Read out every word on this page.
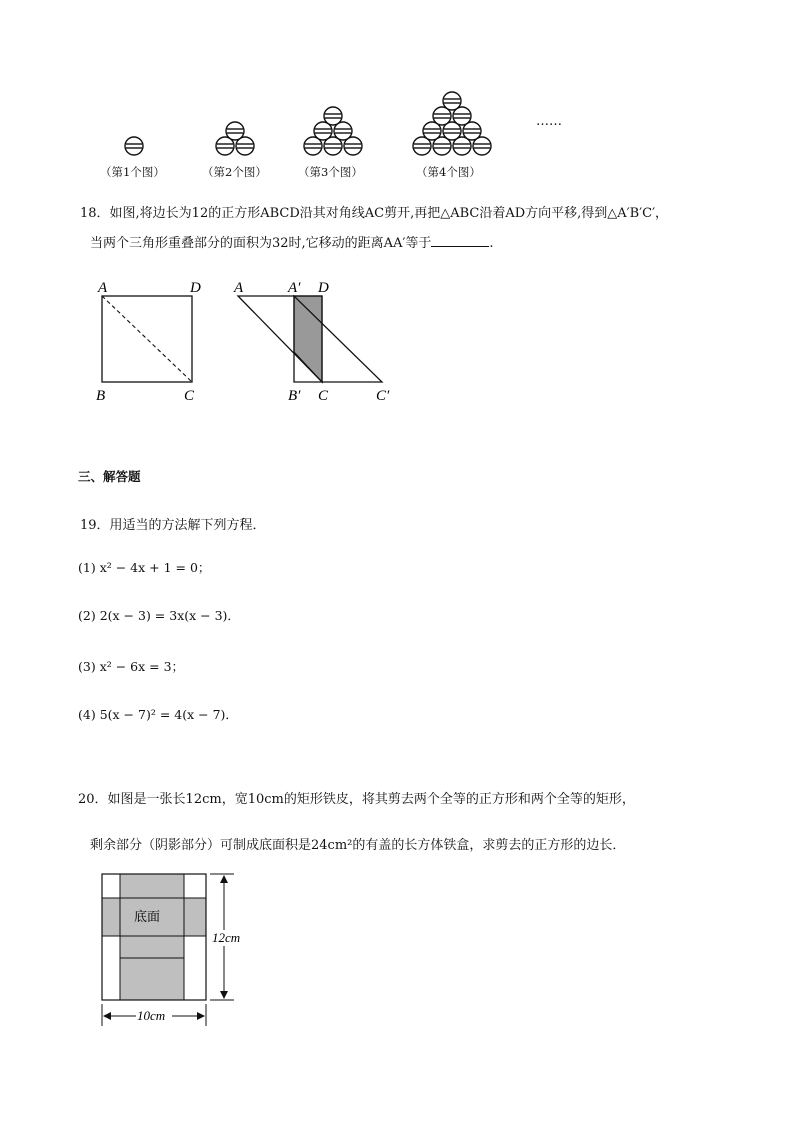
（第1个图）	（第2个图）	（第3个图）	（第4个图）
……
18．如图,将边长为12的正方形ABCD沿其对角线AC剪开,再把△ABC沿着AD方向平移,得到△A′B′C′，
当两个三角形重叠部分的面积为32时,它移动的距离AA′等于	.
A	D
B	C
A	A′ D
B′ C	C′
三、解答题
19．用适当的方法解下列方程．
(1) x² − 4x + 1 = 0；
(2) 2(x − 3) = 3x(x − 3)．
(3) x² − 6x = 3；
(4) 5(x − 7)² = 4(x − 7)．
20．如图是一张长12cm，宽10cm的矩形铁皮，将其剪去两个全等的正方形和两个全等的矩形，
剩余部分（阴影部分）可制成底面积是24cm²的有盖的长方体铁盒，求剪去的正方形的边长．
底面
12cm
10cm
